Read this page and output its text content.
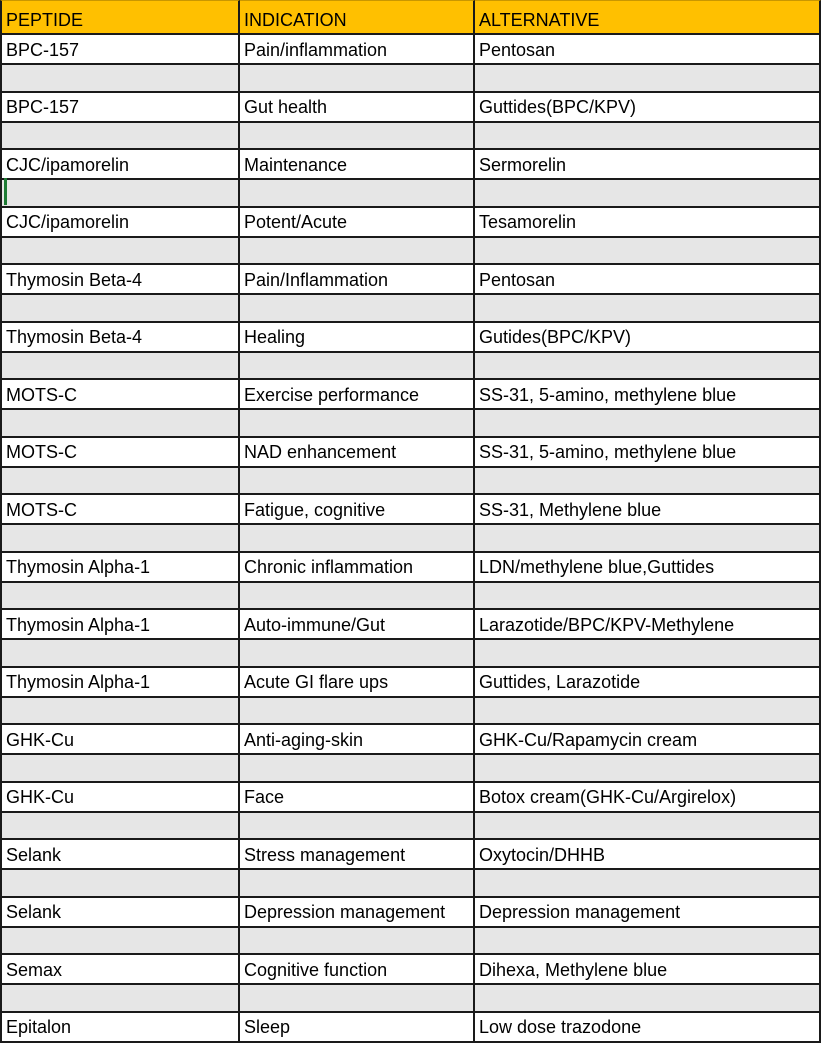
PEPTIDE	INDICATION	ALTERNATIVE
BPC-157	Pain/inflammation	Pentosan
BPC-157	Gut health	Guttides(BPC/KPV)
CJC/ipamorelin	Maintenance	Sermorelin
CJC/ipamorelin	Potent/Acute	Tesamorelin
Thymosin Beta-4	Pain/Inflammation	Pentosan
Thymosin Beta-4	Healing	Gutides(BPC/KPV)
MOTS-C	Exercise performance	SS-31, 5-amino, methylene blue
MOTS-C	NAD enhancement	SS-31, 5-amino, methylene blue
MOTS-C	Fatigue, cognitive	SS-31, Methylene blue
Thymosin Alpha-1	Chronic inflammation	LDN/methylene blue,Guttides
Thymosin Alpha-1	Auto-immune/Gut	Larazotide/BPC/KPV-Methylene
Thymosin Alpha-1	Acute GI flare ups	Guttides, Larazotide
GHK-Cu	Anti-aging-skin	GHK-Cu/Rapamycin cream
GHK-Cu	Face	Botox cream(GHK-Cu/Argirelox)
Selank	Stress management	Oxytocin/DHHB
Selank	Depression management	Depression management
Semax	Cognitive function	Dihexa, Methylene blue
Epitalon	Sleep	Low dose trazodone
